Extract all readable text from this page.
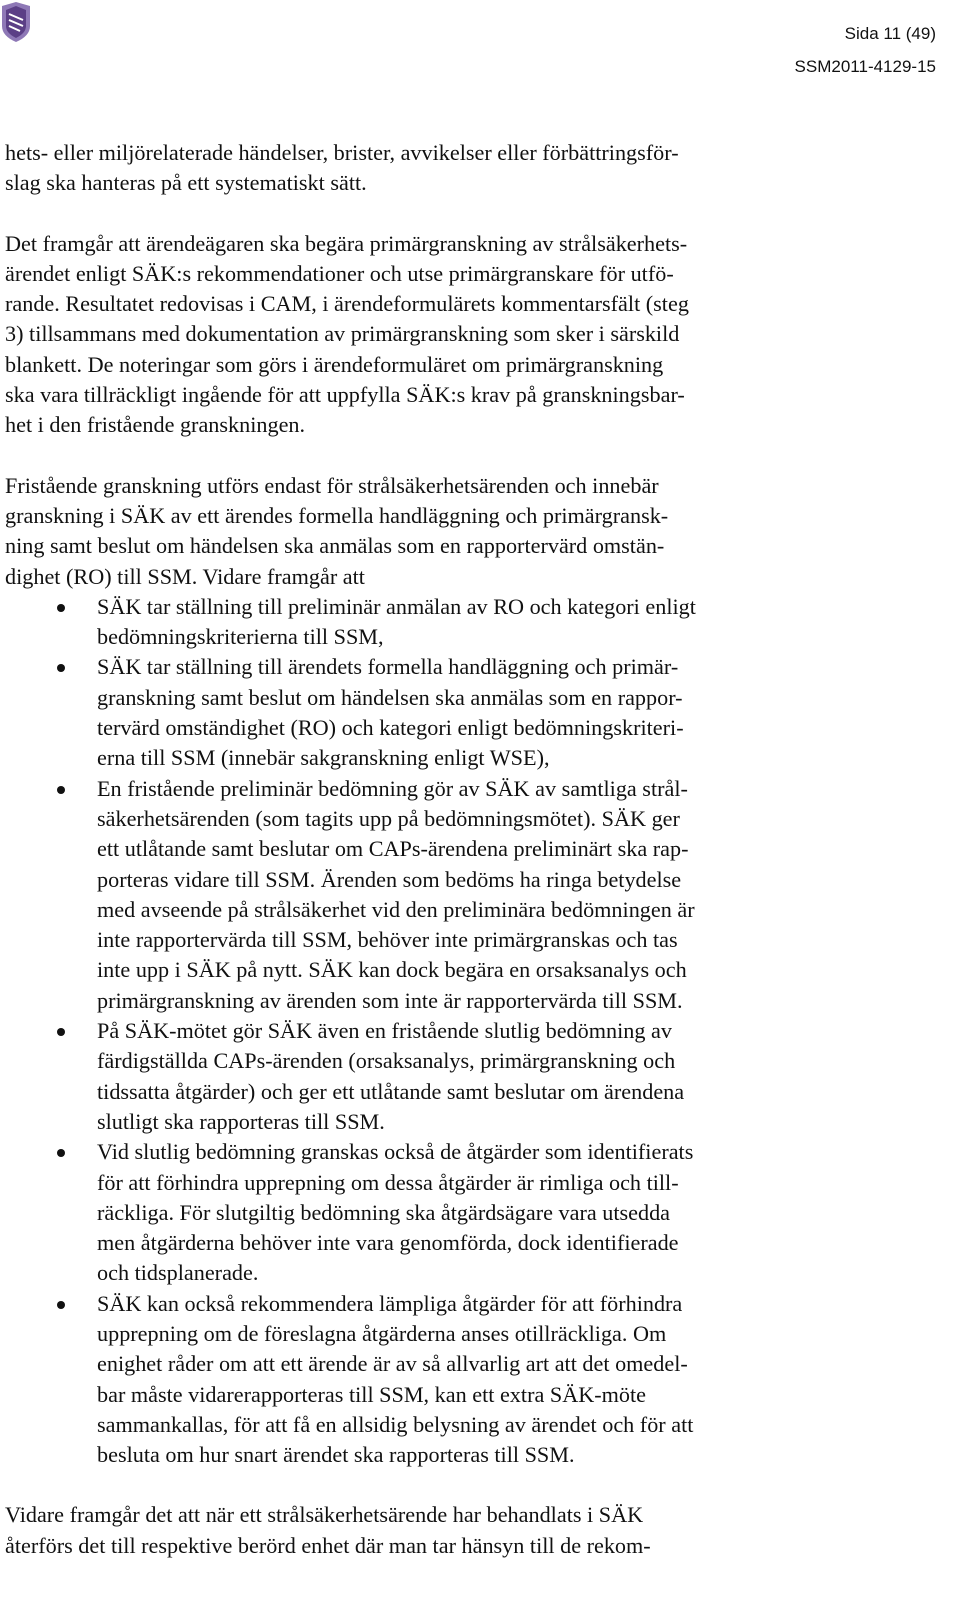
Sida 11 (49)
SSM2011-4129-15

hets- eller miljörelaterade händelser, brister, avvikelser eller förbättringsför-
slag ska hanteras på ett systematiskt sätt.

Det framgår att ärendeägaren ska begära primärgranskning av strålsäkerhets-
ärendet enligt SÄK:s rekommendationer och utse primärgranskare för utfö-
rande. Resultatet redovisas i CAM, i ärendeformulärets kommentarsfält (steg
3) tillsammans med dokumentation av primärgranskning som sker i särskild
blankett. De noteringar som görs i ärendeformuläret om primärgranskning
ska vara tillräckligt ingående för att uppfylla SÄK:s krav på granskningsbar-
het i den fristående granskningen.

Fristående granskning utförs endast för strålsäkerhetsärenden och innebär
granskning i SÄK av ett ärendes formella handläggning och primärgransk-
ning samt beslut om händelsen ska anmälas som en rapportervärd omstän-
dighet (RO) till SSM. Vidare framgår att

SÄK tar ställning till preliminär anmälan av RO och kategori enligt
bedömningskriterierna till SSM,
SÄK tar ställning till ärendets formella handläggning och primär-
granskning samt beslut om händelsen ska anmälas som en rappor-
tervärd omständighet (RO) och kategori enligt bedömningskriteri-
erna till SSM (innebär sakgranskning enligt WSE),
En fristående preliminär bedömning gör av SÄK av samtliga strål-
säkerhetsärenden (som tagits upp på bedömningsmötet). SÄK ger
ett utlåtande samt beslutar om CAPs-ärendena preliminärt ska rap-
porteras vidare till SSM. Ärenden som bedöms ha ringa betydelse
med avseende på strålsäkerhet vid den preliminära bedömningen är
inte rapportervärda till SSM, behöver inte primärgranskas och tas
inte upp i SÄK på nytt. SÄK kan dock begära en orsaksanalys och
primärgranskning av ärenden som inte är rapportervärda till SSM.
På SÄK-mötet gör SÄK även en fristående slutlig bedömning av
färdigställda CAPs-ärenden (orsaksanalys, primärgranskning och
tidssatta åtgärder) och ger ett utlåtande samt beslutar om ärendena
slutligt ska rapporteras till SSM.
Vid slutlig bedömning granskas också de åtgärder som identifierats
för att förhindra upprepning om dessa åtgärder är rimliga och till-
räckliga. För slutgiltig bedömning ska åtgärdsägare vara utsedda
men åtgärderna behöver inte vara genomförda, dock identifierade
och tidsplanerade.
SÄK kan också rekommendera lämpliga åtgärder för att förhindra
upprepning om de föreslagna åtgärderna anses otillräckliga. Om
enighet råder om att ett ärende är av så allvarlig art att det omedel-
bar måste vidarerapporteras till SSM, kan ett extra SÄK-möte
sammankallas, för att få en allsidig belysning av ärendet och för att
besluta om hur snart ärendet ska rapporteras till SSM.

Vidare framgår det att när ett strålsäkerhetsärende har behandlats i SÄK
återförs det till respektive berörd enhet där man tar hänsyn till de rekom-
